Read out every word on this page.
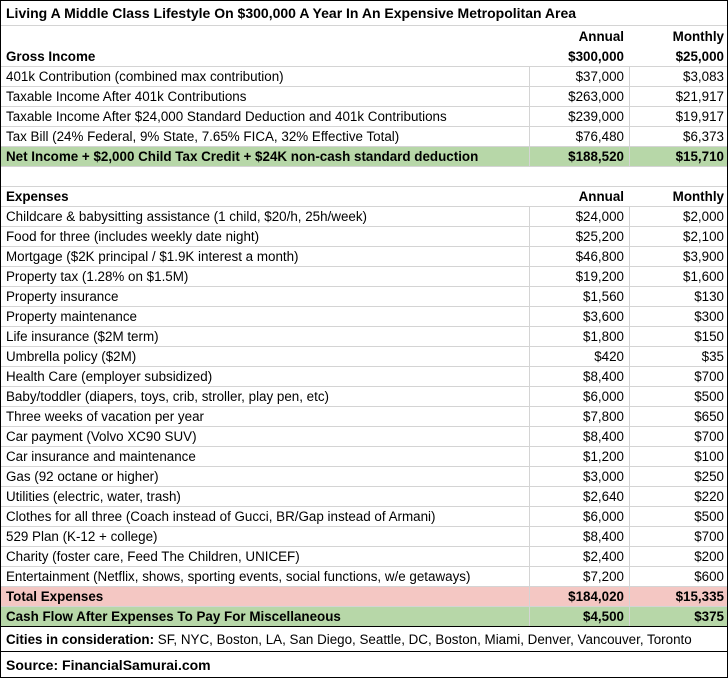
Living A Middle Class Lifestyle On $300,000 A Year In An Expensive Metropolitan Area
Annual	Monthly
Gross Income	$300,000	$25,000
401k Contribution (combined max contribution)	$37,000	$3,083
Taxable Income After 401k Contributions	$263,000	$21,917
Taxable Income After $24,000 Standard Deduction and 401k Contributions	$239,000	$19,917
Tax Bill (24% Federal, 9% State, 7.65% FICA, 32% Effective Total)	$76,480	$6,373
Net Income + $2,000 Child Tax Credit + $24K non-cash standard deduction	$188,520	$15,710
Expenses	Annual	Monthly
Childcare & babysitting assistance (1 child, $20/h, 25h/week)	$24,000	$2,000
Food for three (includes weekly date night)	$25,200	$2,100
Mortgage ($2K principal / $1.9K interest a month)	$46,800	$3,900
Property tax (1.28% on $1.5M)	$19,200	$1,600
Property insurance	$1,560	$130
Property maintenance	$3,600	$300
Life insurance ($2M term)	$1,800	$150
Umbrella policy ($2M)	$420	$35
Health Care (employer subsidized)	$8,400	$700
Baby/toddler (diapers, toys, crib, stroller, play pen, etc)	$6,000	$500
Three weeks of vacation per year	$7,800	$650
Car payment (Volvo XC90 SUV)	$8,400	$700
Car insurance and maintenance	$1,200	$100
Gas (92 octane or higher)	$3,000	$250
Utilities (electric, water, trash)	$2,640	$220
Clothes for all three (Coach instead of Gucci, BR/Gap instead of Armani)	$6,000	$500
529 Plan (K-12 + college)	$8,400	$700
Charity (foster care, Feed The Children, UNICEF)	$2,400	$200
Entertainment (Netflix, shows, sporting events, social functions, w/e getaways)	$7,200	$600
Total Expenses	$184,020	$15,335
Cash Flow After Expenses To Pay For Miscellaneous	$4,500	$375
Cities in consideration: SF, NYC, Boston, LA, San Diego, Seattle, DC, Boston, Miami, Denver, Vancouver, Toronto
Source: FinancialSamurai.com
